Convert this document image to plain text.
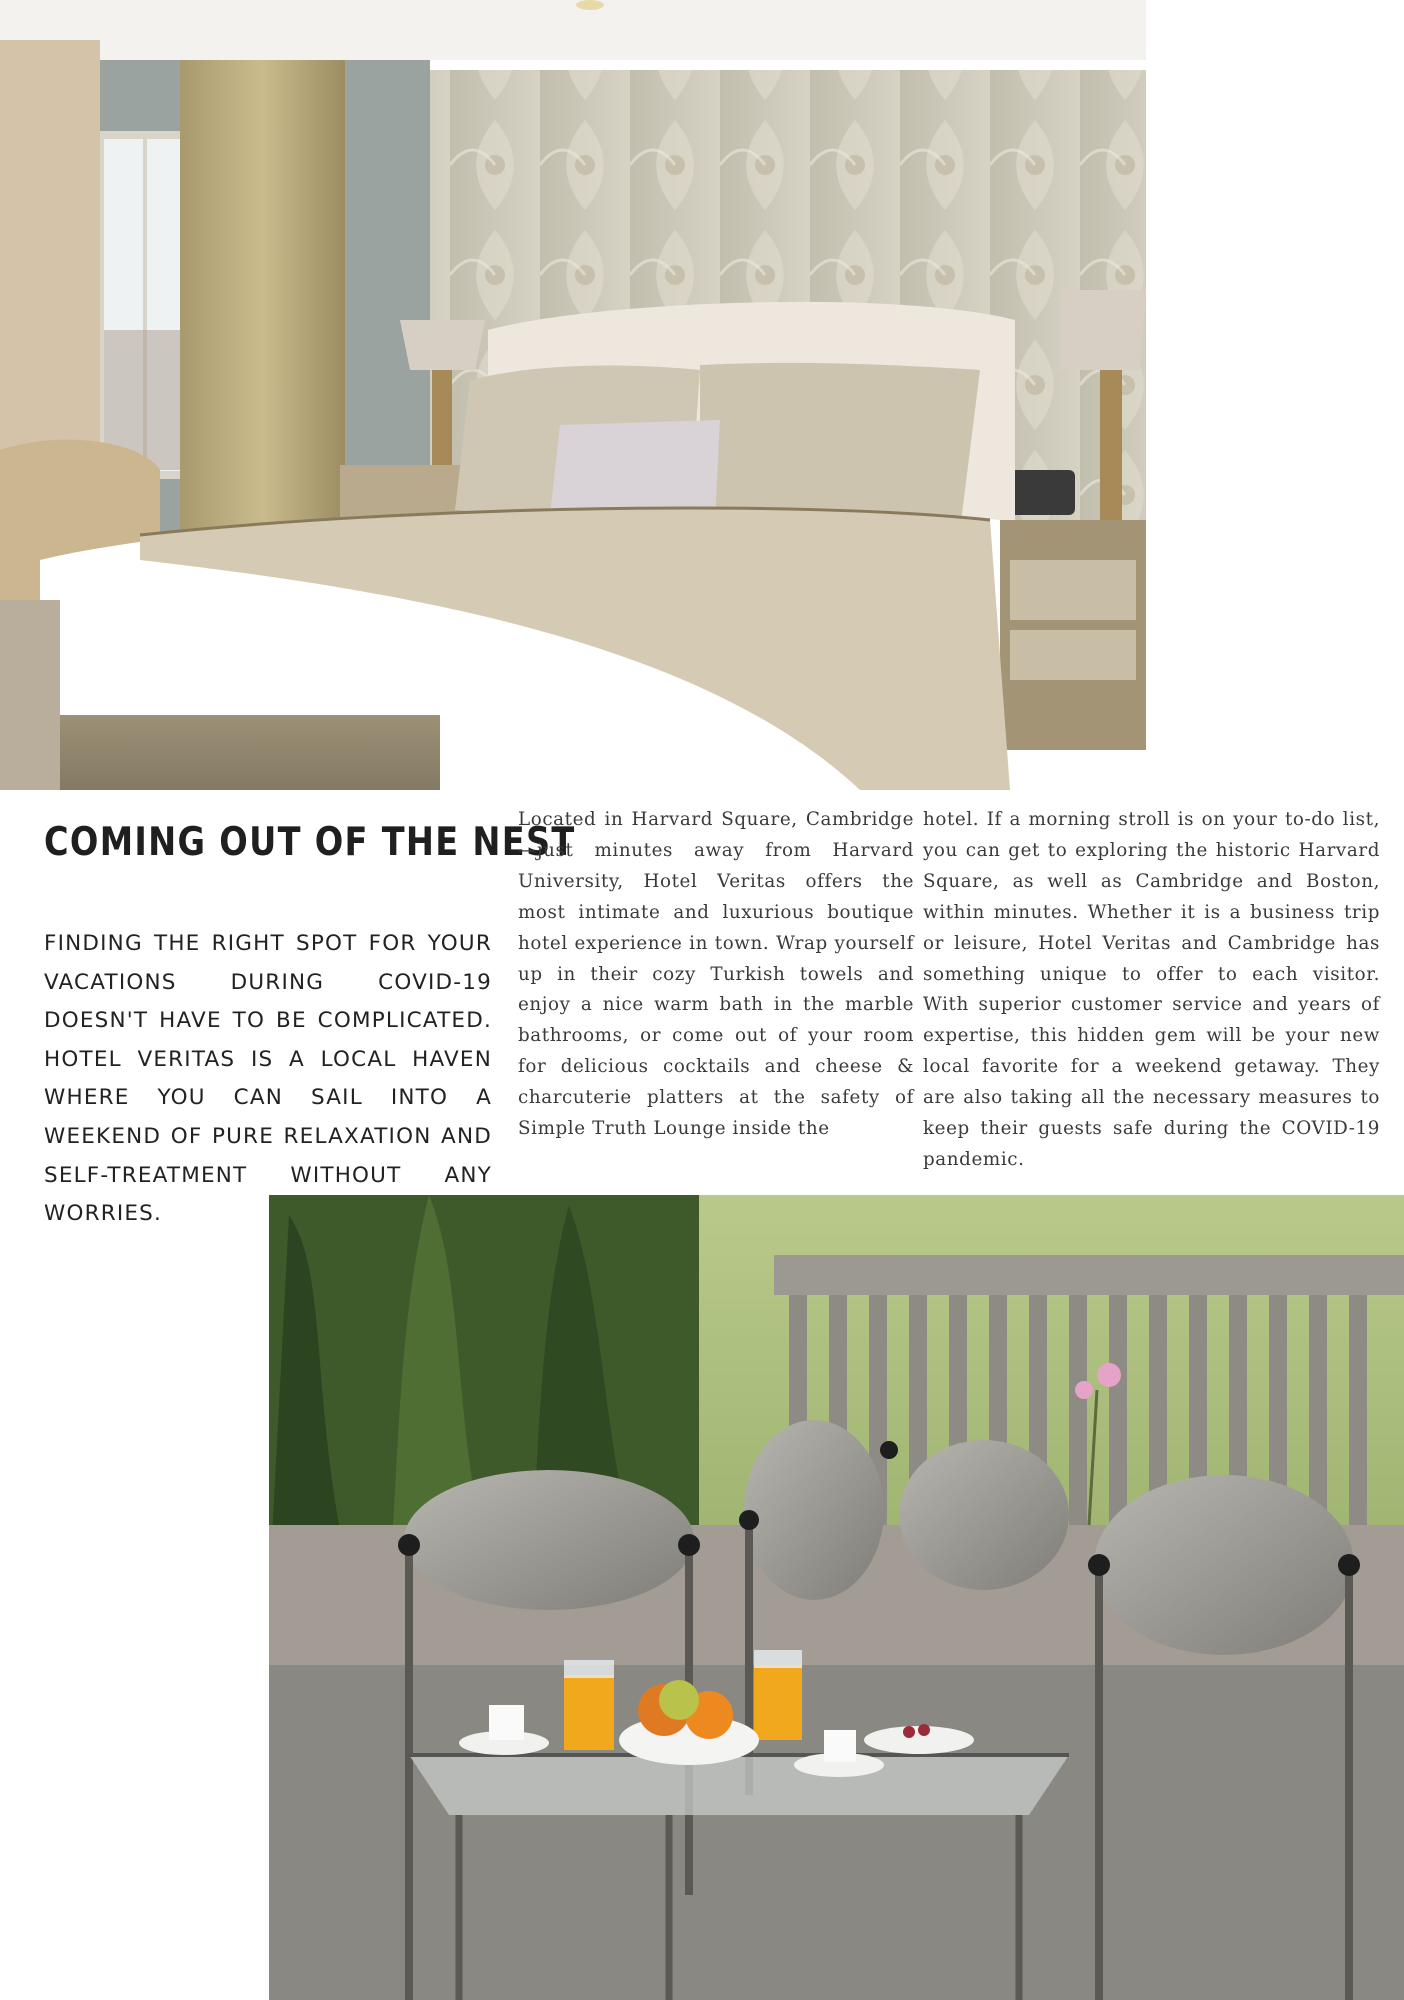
COMING OUT OF THE NEST

FINDING THE RIGHT SPOT FOR YOUR VACATIONS DURING COVID-19 DOESN'T HAVE TO BE COMPLICATED. HOTEL VERITAS IS A LOCAL HAVEN WHERE YOU CAN SAIL INTO A WEEKEND OF PURE RELAXATION AND SELF-TREATMENT WITHOUT ANY WORRIES.

Located in Harvard Square, Cambridge—just minutes away from Harvard University, Hotel Veritas offers the most intimate and luxurious boutique hotel experience in town. Wrap yourself up in their cozy Turkish towels and enjoy a nice warm bath in the marble bathrooms, or come out of your room for delicious cocktails and cheese & charcuterie platters at the safety of Simple Truth Lounge inside the

hotel. If a morning stroll is on your to-do list, you can get to exploring the historic Harvard Square, as well as Cambridge and Boston, within minutes. Whether it is a business trip or leisure, Hotel Veritas and Cambridge has something unique to offer to each visitor. With superior customer service and years of expertise, this hidden gem will be your new local favorite for a weekend getaway. They are also taking all the necessary measures to keep their guests safe during the COVID-19 pandemic.
